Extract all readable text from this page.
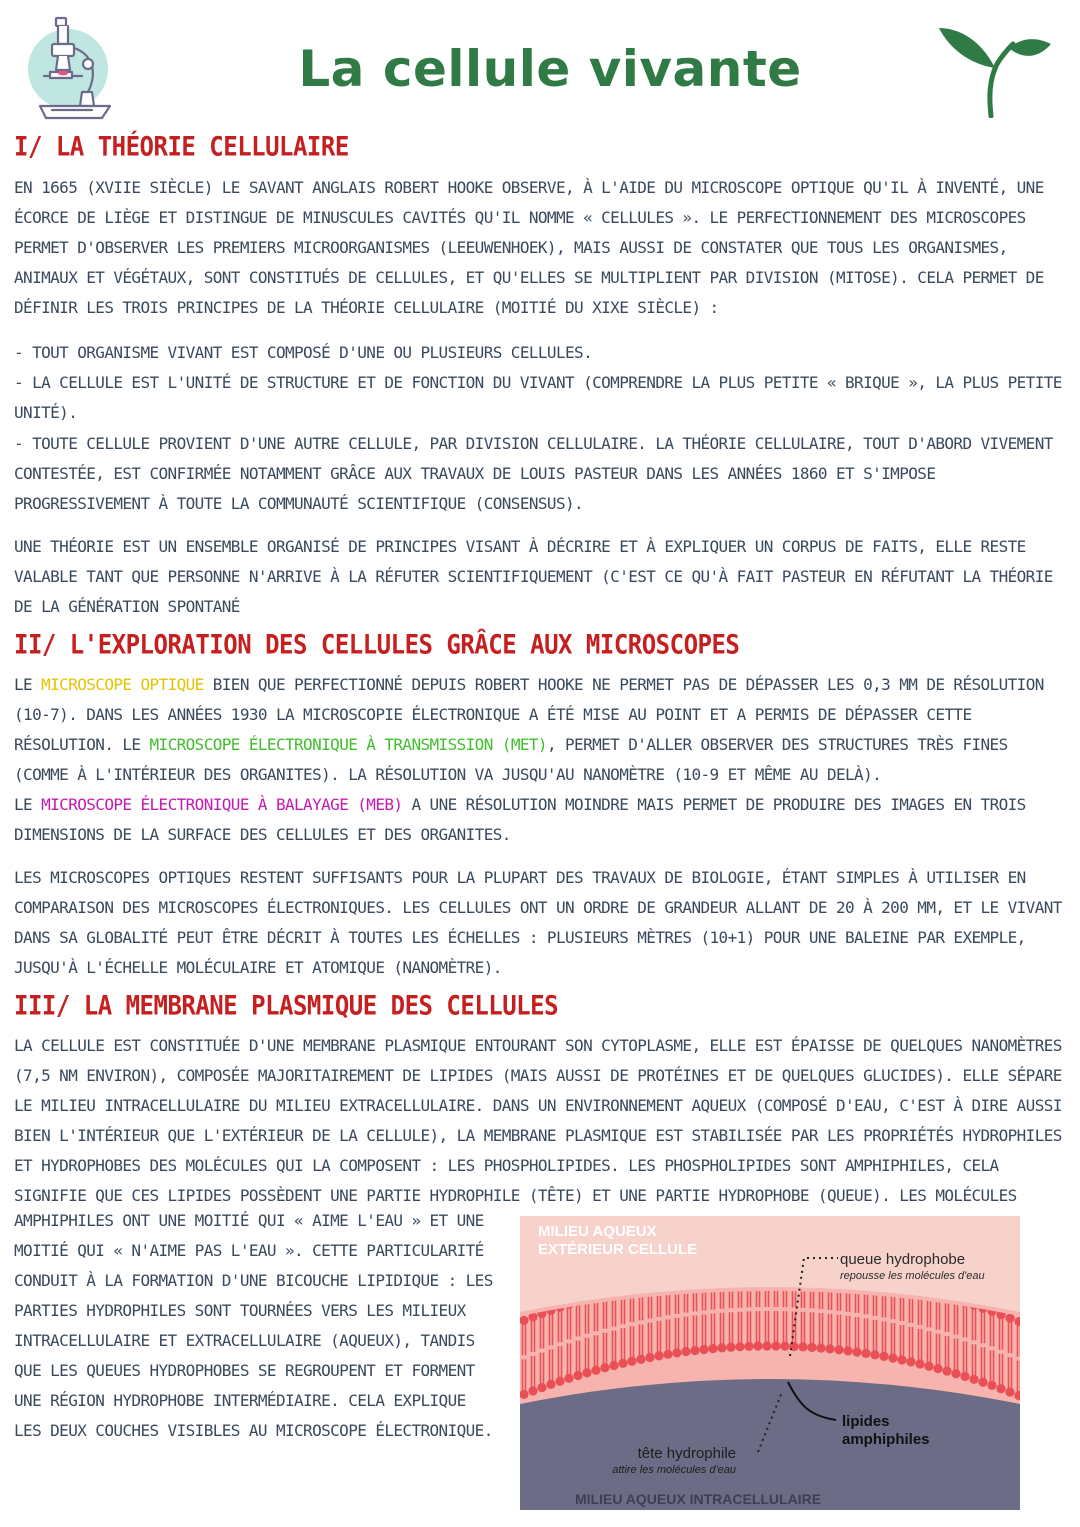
La cellule vivante
I/ LA THÉORIE CELLULAIRE

EN 1665 (XVIIE SIÈCLE) LE SAVANT ANGLAIS ROBERT HOOKE OBSERVE, À L'AIDE DU MICROSCOPE OPTIQUE QU'IL À INVENTÉ, UNE ÉCORCE DE LIÈGE ET DISTINGUE DE MINUSCULES CAVITÉS QU'IL NOMME « CELLULES ». LE PERFECTIONNEMENT DES MICROSCOPES PERMET D'OBSERVER LES PREMIERS MICROORGANISMES (LEEUWENHOEK), MAIS AUSSI DE CONSTATER QUE TOUS LES ORGANISMES, ANIMAUX ET VÉGÉTAUX, SONT CONSTITUÉS DE CELLULES, ET QU'ELLES SE MULTIPLIENT PAR DIVISION (MITOSE). CELA PERMET DE DÉFINIR LES TROIS PRINCIPES DE LA THÉORIE CELLULAIRE (MOITIÉ DU XIXE SIÈCLE) :

- TOUT ORGANISME VIVANT EST COMPOSÉ D'UNE OU PLUSIEURS CELLULES.

- LA CELLULE EST L'UNITÉ DE STRUCTURE ET DE FONCTION DU VIVANT (COMPRENDRE LA PLUS PETITE « BRIQUE », LA PLUS PETITE UNITÉ).

- TOUTE CELLULE PROVIENT D'UNE AUTRE CELLULE, PAR DIVISION CELLULAIRE. LA THÉORIE CELLULAIRE, TOUT D'ABORD VIVEMENT CONTESTÉE, EST CONFIRMÉE NOTAMMENT GRÂCE AUX TRAVAUX DE LOUIS PASTEUR DANS LES ANNÉES 1860 ET S'IMPOSE PROGRESSIVEMENT À TOUTE LA COMMUNAUTÉ SCIENTIFIQUE (CONSENSUS).

UNE THÉORIE EST UN ENSEMBLE ORGANISÉ DE PRINCIPES VISANT À DÉCRIRE ET À EXPLIQUER UN CORPUS DE FAITS, ELLE RESTE VALABLE TANT QUE PERSONNE N'ARRIVE À LA RÉFUTER SCIENTIFIQUEMENT (C'EST CE QU'À FAIT PASTEUR EN RÉFUTANT LA THÉORIE DE LA GÉNÉRATION SPONTANÉ

II/ L'EXPLORATION DES CELLULES GRÂCE AUX MICROSCOPES

LE MICROSCOPE OPTIQUE BIEN QUE PERFECTIONNÉ DEPUIS ROBERT HOOKE NE PERMET PAS DE DÉPASSER LES 0,3 ΜM DE RÉSOLUTION (10-7). DANS LES ANNÉES 1930 LA MICROSCOPIE ÉLECTRONIQUE A ÉTÉ MISE AU POINT ET A PERMIS DE DÉPASSER CETTE RÉSOLUTION. LE MICROSCOPE ÉLECTRONIQUE À TRANSMISSION (MET), PERMET D'ALLER OBSERVER DES STRUCTURES TRÈS FINES (COMME À L'INTÉRIEUR DES ORGANITES). LA RÉSOLUTION VA JUSQU'AU NANOMÈTRE (10-9 ET MÊME AU DELÀ).

LE MICROSCOPE ÉLECTRONIQUE À BALAYAGE (MEB) A UNE RÉSOLUTION MOINDRE MAIS PERMET DE PRODUIRE DES IMAGES EN TROIS DIMENSIONS DE LA SURFACE DES CELLULES ET DES ORGANITES.

LES MICROSCOPES OPTIQUES RESTENT SUFFISANTS POUR LA PLUPART DES TRAVAUX DE BIOLOGIE, ÉTANT SIMPLES À UTILISER EN COMPARAISON DES MICROSCOPES ÉLECTRONIQUES. LES CELLULES ONT UN ORDRE DE GRANDEUR ALLANT DE 20 À 200 ΜM, ET LE VIVANT DANS SA GLOBALITÉ PEUT ÊTRE DÉCRIT À TOUTES LES ÉCHELLES : PLUSIEURS MÈTRES (10+1) POUR UNE BALEINE PAR EXEMPLE, JUSQU'À L'ÉCHELLE MOLÉCULAIRE ET ATOMIQUE (NANOMÈTRE).

III/ LA MEMBRANE PLASMIQUE DES CELLULES

LA CELLULE EST CONSTITUÉE D'UNE MEMBRANE PLASMIQUE ENTOURANT SON CYTOPLASME, ELLE EST ÉPAISSE DE QUELQUES NANOMÈTRES (7,5 NM ENVIRON), COMPOSÉE MAJORITAIREMENT DE LIPIDES (MAIS AUSSI DE PROTÉINES ET DE QUELQUES GLUCIDES). ELLE SÉPARE LE MILIEU INTRACELLULAIRE DU MILIEU EXTRACELLULAIRE. DANS UN ENVIRONNEMENT AQUEUX (COMPOSÉ D'EAU, C'EST À DIRE AUSSI BIEN L'INTÉRIEUR QUE L'EXTÉRIEUR DE LA CELLULE), LA MEMBRANE PLASMIQUE EST STABILISÉE PAR LES PROPRIÉTÉS HYDROPHILES ET HYDROPHOBES DES MOLÉCULES QUI LA COMPOSENT : LES PHOSPHOLIPIDES. LES PHOSPHOLIPIDES SONT AMPHIPHILES, CELA SIGNIFIE QUE CES LIPIDES POSSÈDENT UNE PARTIE HYDROPHILE (TÊTE) ET UNE PARTIE HYDROPHOBE (QUEUE). LES MOLÉCULES

AMPHIPHILES ONT UNE MOITIÉ QUI « AIME L'EAU » ET UNE MOITIÉ QUI « N'AIME PAS L'EAU ». CETTE PARTICULARITÉ CONDUIT À LA FORMATION D'UNE BICOUCHE LIPIDIQUE : LES PARTIES HYDROPHILES SONT TOURNÉES VERS LES MILIEUX INTRACELLULAIRE ET EXTRACELLULAIRE (AQUEUX), TANDIS QUE LES QUEUES HYDROPHOBES SE REGROUPENT ET FORMENT UNE RÉGION HYDROPHOBE INTERMÉDIAIRE. CELA EXPLIQUE LES DEUX COUCHES VISIBLES AU MICROSCOPE ÉLECTRONIQUE.

MILIEU AQUEUX
EXTÉRIEUR CELLULE
queue hydrophobe
repousse les molécules d'eau
lipides
amphiphiles
tête hydrophile
attire les molécules d'eau
MILIEU AQUEUX INTRACELLULAIRE
